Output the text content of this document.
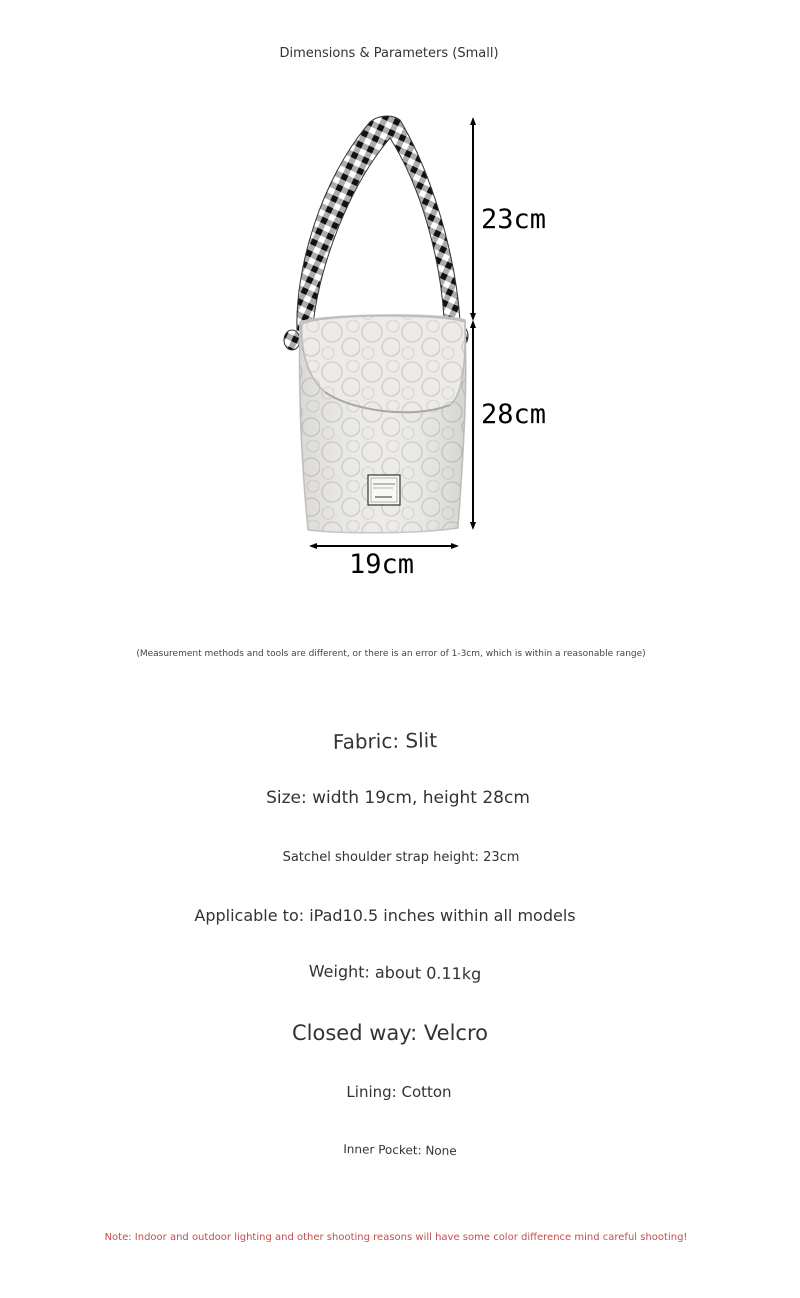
Dimensions & Parameters (Small)
23cm
28cm
19cm
(Measurement methods and tools are different, or there is an error of 1-3cm, which is within a reasonable range)
Fabric: Slit
Size: width 19cm, height 28cm
Satchel shoulder strap height: 23cm
Applicable to: iPad10.5 inches within all models
Weight: about 0.11kg
Closed way: Velcro
Lining: Cotton
Inner Pocket: None
Note: Indoor and outdoor lighting and other shooting reasons will have some color difference mind careful shooting!
